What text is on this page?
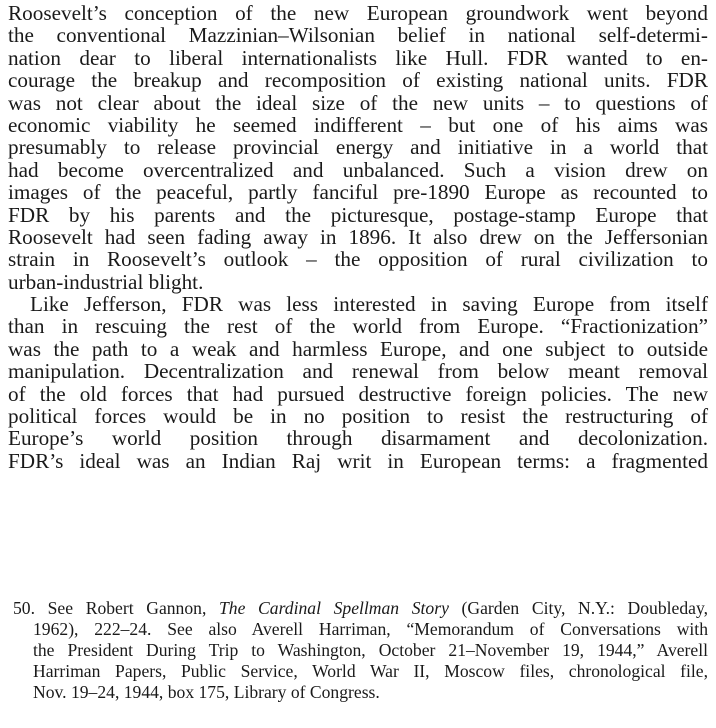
Roosevelt’s conception of the new European groundwork went beyond
the conventional Mazzinian–Wilsonian belief in national self-determi-
nation dear to liberal internationalists like Hull. FDR wanted to en-
courage the breakup and recomposition of existing national units. FDR
was not clear about the ideal size of the new units – to questions of
economic viability he seemed indifferent – but one of his aims was
presumably to release provincial energy and initiative in a world that
had become overcentralized and unbalanced. Such a vision drew on
images of the peaceful, partly fanciful pre-1890 Europe as recounted to
FDR by his parents and the picturesque, postage-stamp Europe that
Roosevelt had seen fading away in 1896. It also drew on the Jeffersonian
strain in Roosevelt’s outlook – the opposition of rural civilization to
urban-industrial blight.
Like Jefferson, FDR was less interested in saving Europe from itself
than in rescuing the rest of the world from Europe. “Fractionization”
was the path to a weak and harmless Europe, and one subject to outside
manipulation. Decentralization and renewal from below meant removal
of the old forces that had pursued destructive foreign policies. The new
political forces would be in no position to resist the restructuring of
Europe’s world position through disarmament and decolonization.
FDR’s ideal was an Indian Raj writ in European terms: a fragmented
50. See Robert Gannon, The Cardinal Spellman Story (Garden City, N.Y.: Doubleday,
1962), 222–24. See also Averell Harriman, “Memorandum of Conversations with
the President During Trip to Washington, October 21–November 19, 1944,” Averell
Harriman Papers, Public Service, World War II, Moscow files, chronological file,
Nov. 19–24, 1944, box 175, Library of Congress.
